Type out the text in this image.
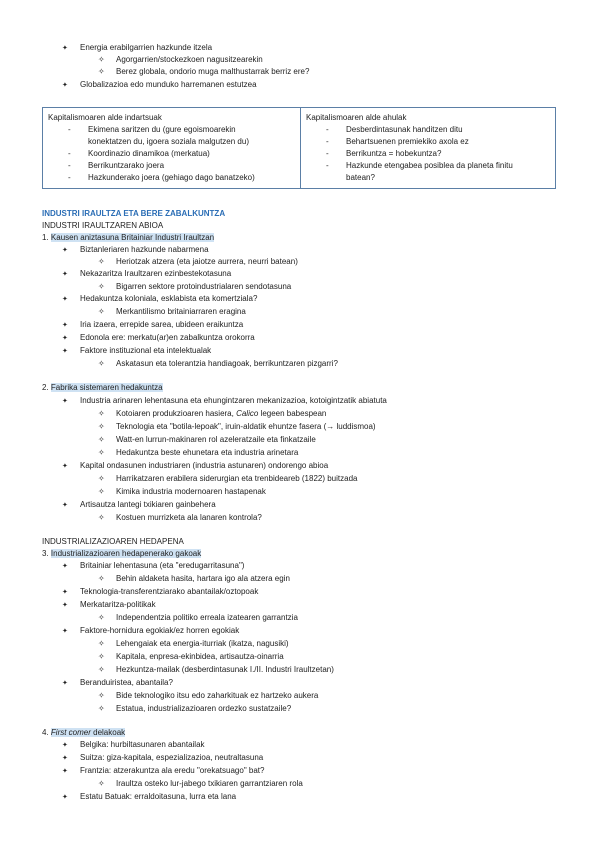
✦
Energia erabilgarrien hazkunde itzela
✧
Agorgarrien/stockezkoen nagusitzearekin
✧
Berez globala, ondorio muga malthustarrak berriz ere?
✦
Globalizazioa edo munduko harremanen estutzea
Kapitalismoaren alde indartsuak
- Ekimena saritzen du (gure egoismoarekin
konektatzen du, igoera soziala malgutzen du)
- Koordinazio dinamikoa (merkatua)
- Berrikuntzarako joera
- Hazkunderako joera (gehiago dago banatzeko)
Kapitalismoaren alde ahulak
- Desberdintasunak handitzen ditu
- Behartsuenen premiekiko axola ez
- Berrikuntza = hobekuntza?
- Hazkunde etengabea posiblea da planeta finitu
batean?
INDUSTRI IRAULTZA ETA BERE ZABALKUNTZA
INDUSTRI IRAULTZAREN ABIOA
1. Kausen aniztasuna Britainiar Industri Iraultzan
✦
Biztanleriaren hazkunde nabarmena
✧
Heriotzak atzera (eta jaiotze aurrera, neurri batean)
✦
Nekazaritza Iraultzaren ezinbestekotasuna
✧
Bigarren sektore protoindustrialaren sendotasuna
✦
Hedakuntza koloniala, esklabista eta komertziala?
✧
Merkantilismo britainiarraren eragina
✦
Iria izaera, errepide sarea, ubideen eraikuntza
✦
Edonola ere: merkatu(ar)en zabalkuntza orokorra
✦
Faktore instituzional eta intelektualak
✧
Askatasun eta tolerantzia handiagoak, berrikuntzaren pizgarri?
2. Fabrika sistemaren hedakuntza
✦
Industria arinaren lehentasuna eta ehungintzaren mekanizazioa, kotoigintzatik abiatuta
✧
Kotoiaren produkzioaren hasiera, Calico legeen babespean
✧
Teknologia eta "botila-lepoak", iruin-aldatik ehuntze fasera (→ luddismoa)
✧
Watt-en lurrun-makinaren rol azeleratzaile eta finkatzaile
✧
Hedakuntza beste ehunetara eta industria arinetara
✦
Kapital ondasunen industriaren (industria astunaren) ondorengo abioa
✧
Harrikatzaren erabilera siderurgian eta trenbideareb (1822) buitzada
✧
Kimika industria modernoaren hastapenak
✦
Artisautza lantegi txikiaren gainbehera
✧
Kostuen murrizketa ala lanaren kontrola?
INDUSTRIALIZAZIOAREN HEDAPENA
3. Industrializazioaren hedapenerako gakoak
✦
Britainiar lehentasuna (eta "eredugarritasuna")
✧
Behin aldaketa hasita, hartara igo ala atzera egin
✦
Teknologia-transferentziarako abantailak/oztopoak
✦
Merkataritza-politikak
✧
Independentzia politiko erreala izatearen garrantzia
✦
Faktore-hornidura egokiak/ez horren egokiak
✧
Lehengaiak eta energia-iturriak (ikatza, nagusiki)
✧
Kapitala, enpresa-ekinbidea, artisautza-oinarria
✧
Hezkuntza-mailak (desberdintasunak I./II. Industri Iraultzetan)
✦
Beranduiristea, abantaila?
✧
Bide teknologiko itsu edo zaharkituak ez hartzeko aukera
✧
Estatua, industrializazioaren ordezko sustatzaile?
4. First comer delakoak
✦
Belgika: hurbiltasunaren abantailak
✦
Suitza: giza-kapitala, espezializazioa, neutraltasuna
✦
Frantzia: atzerakuntza ala eredu "orekatsuago" bat?
✧
Iraultza osteko lur-jabego txikiaren garrantziaren rola
✦
Estatu Batuak: erraldoitasuna, lurra eta lana
